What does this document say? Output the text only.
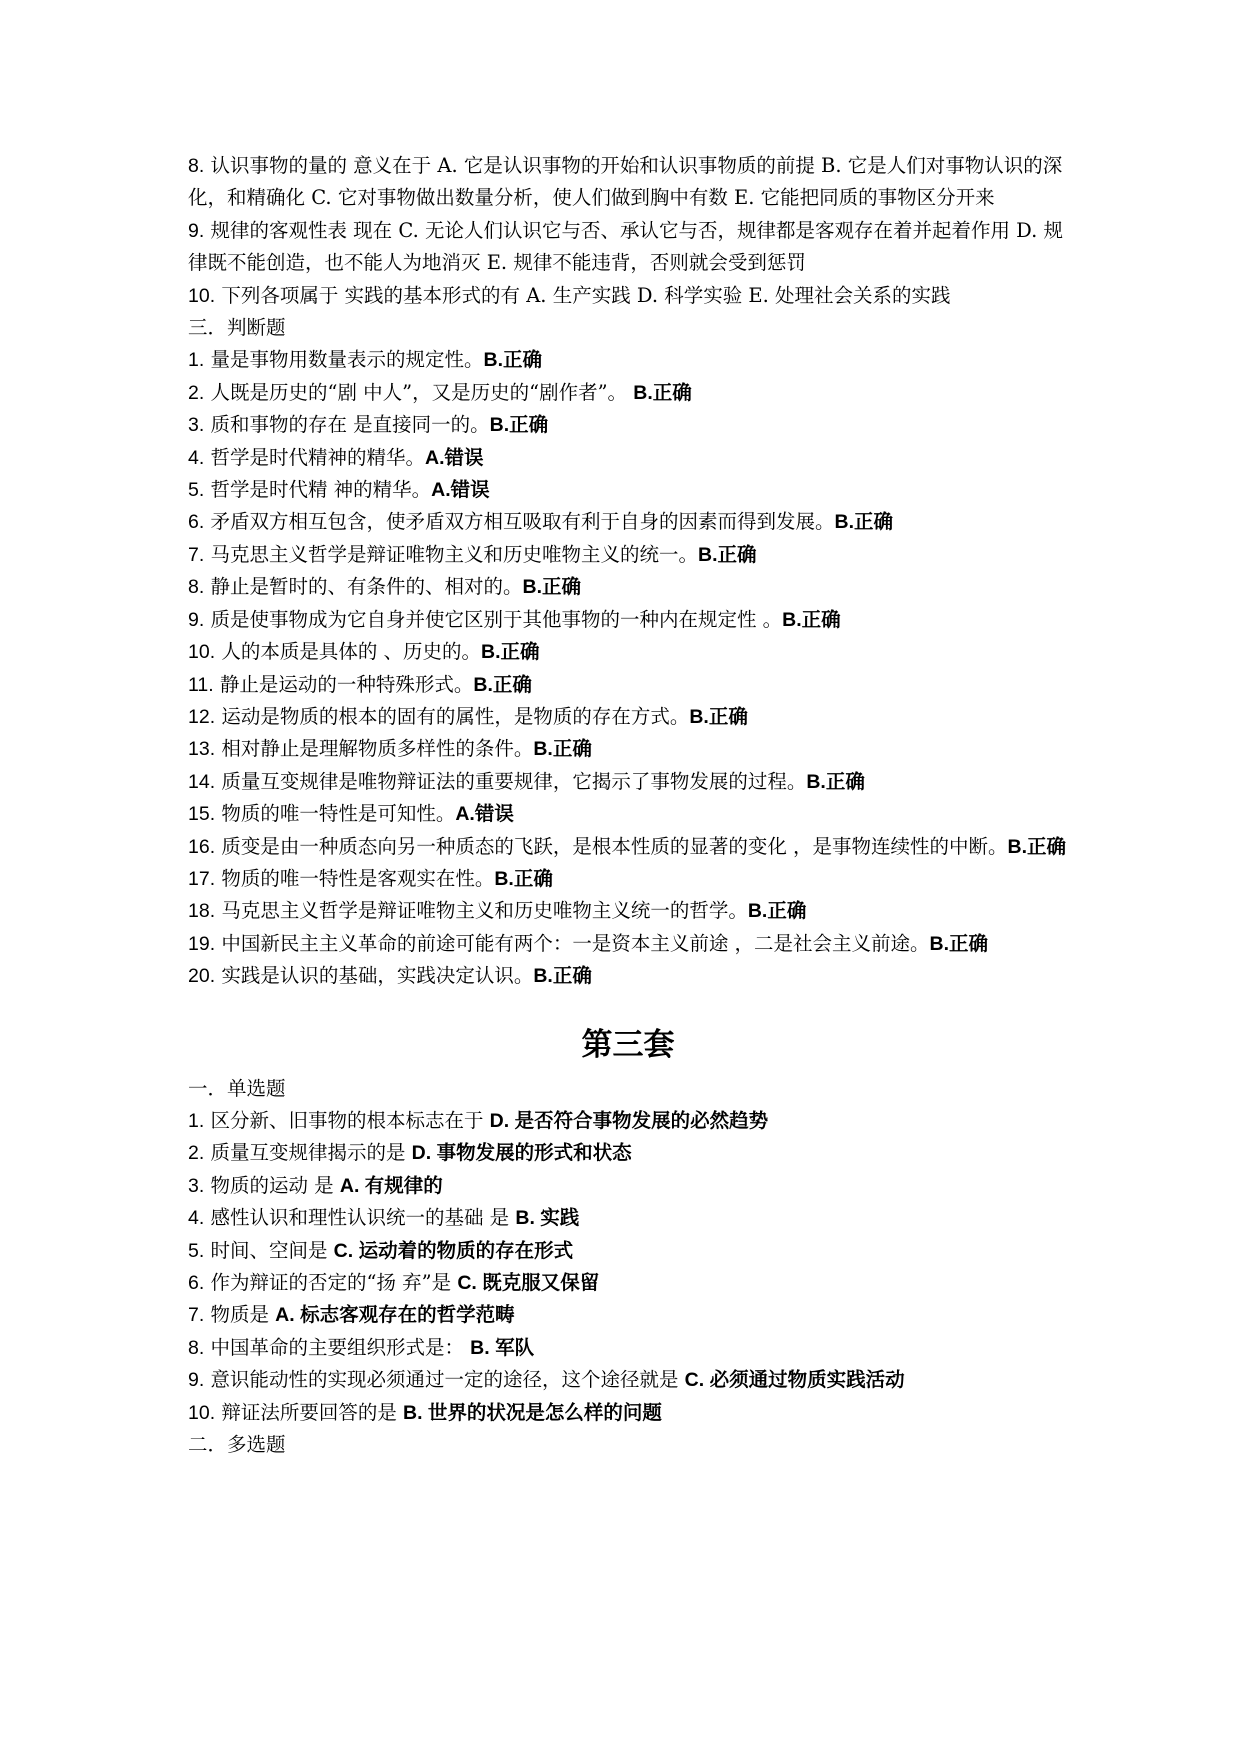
8. 认识事物的量的 意义在于 A. 它是认识事物的开始和认识事物质的前提 B. 它是人们对事物认识的深化，和精确化 C. 它对事物做出数量分析，使人们做到胸中有数 E. 它能把同质的事物区分开来
9. 规律的客观性表 现在 C. 无论人们认识它与否、承认它与否，规律都是客观存在着并起着作用 D. 规律既不能创造，也不能人为地消灭 E. 规律不能违背，否则就会受到惩罚
10. 下列各项属于 实践的基本形式的有 A. 生产实践 D. 科学实验 E. 处理社会关系的实践
三．判断题
1. 量是事物用数量表示的规定性。B.正确
2. 人既是历史的“剧 中人”，又是历史的“剧作者”。 B.正确
3. 质和事物的存在 是直接同一的。B.正确
4. 哲学是时代精神的精华。A.错误
5. 哲学是时代精 神的精华。A.错误
6. 矛盾双方相互包含，使矛盾双方相互吸取有利于自身的因素而得到发展。B.正确
7. 马克思主义哲学是辩证唯物主义和历史唯物主义的统一。B.正确
8. 静止是暂时的、有条件的、相对的。B.正确
9. 质是使事物成为它自身并使它区别于其他事物的一种内在规定性 。B.正确
10. 人的本质是具体的 、历史的。B.正确
11. 静止是运动的一种特殊形式。B.正确
12. 运动是物质的根本的固有的属性，是物质的存在方式。B.正确
13. 相对静止是理解物质多样性的条件。B.正确
14. 质量互变规律是唯物辩证法的重要规律，它揭示了事物发展的过程。B.正确
15. 物质的唯一特性是可知性。A.错误
16. 质变是由一种质态向另一种质态的飞跃，是根本性质的显著的变化 ，是事物连续性的中断。B.正确
17. 物质的唯一特性是客观实在性。B.正确
18. 马克思主义哲学是辩证唯物主义和历史唯物主义统一的哲学。B.正确
19. 中国新民主主义革命的前途可能有两个：一是资本主义前途 ，二是社会主义前途。B.正确
20. 实践是认识的基础，实践决定认识。B.正确
第三套
一．单选题
1. 区分新、旧事物的根本标志在于 D. 是否符合事物发展的必然趋势
2. 质量互变规律揭示的是 D. 事物发展的形式和状态
3. 物质的运动 是 A. 有规律的
4. 感性认识和理性认识统一的基础 是 B. 实践
5. 时间、空间是 C. 运动着的物质的存在形式
6. 作为辩证的否定的“扬 弃”是 C. 既克服又保留
7. 物质是 A. 标志客观存在的哲学范畴
8. 中国革命的主要组织形式是： B. 军队
9. 意识能动性的实现必须通过一定的途径，这个途径就是 C. 必须通过物质实践活动
10. 辩证法所要回答的是 B. 世界的状况是怎么样的问题
二．多选题
